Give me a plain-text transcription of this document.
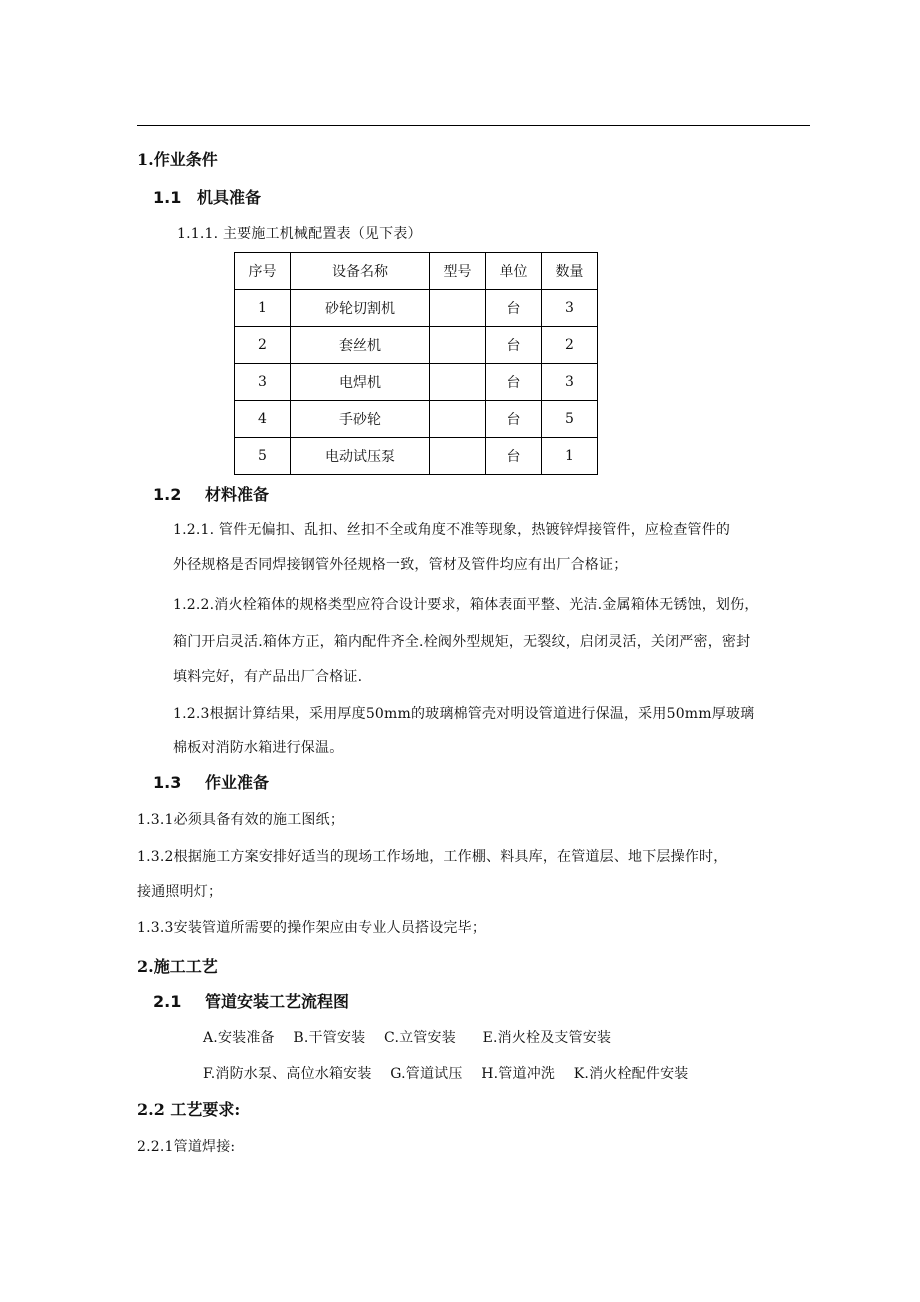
1.作业条件
1.1 机具准备
1.1.1. 主要施工机械配置表（见下表）
序号	设备名称	型号	单位	数量
1	砂轮切割机		台	3
2	套丝机		台	2
3	电焊机		台	3
4	手砂轮		台	5
5	电动试压泵		台	1
1.2 材料准备
1.2.1. 管件无偏扣、乱扣、丝扣不全或角度不准等现象，热镀锌焊接管件，应检查管件的
外径规格是否同焊接钢管外径规格一致，管材及管件均应有出厂合格证；
1.2.2.消火栓箱体的规格类型应符合设计要求，箱体表面平整、光洁.金属箱体无锈蚀，划伤，
箱门开启灵活.箱体方正，箱内配件齐全.栓阀外型规矩，无裂纹，启闭灵活，关闭严密，密封
填料完好，有产品出厂合格证.
1.2.3根据计算结果，采用厚度50mm的玻璃棉管壳对明设管道进行保温，采用50mm厚玻璃
棉板对消防水箱进行保温。
1.3 作业准备
1.3.1必须具备有效的施工图纸；
1.3.2根据施工方案安排好适当的现场工作场地，工作棚、料具库，在管道层、地下层操作时，
接通照明灯；
1.3.3安装管道所需要的操作架应由专业人员搭设完毕；
2.施工工艺
2.1 管道安装工艺流程图
A.安装准备 B.干管安装 C.立管安装 E.消火栓及支管安装
F.消防水泵、高位水箱安装 G.管道试压 H.管道冲洗 K.消火栓配件安装
2.2 工艺要求:
2.2.1管道焊接:
